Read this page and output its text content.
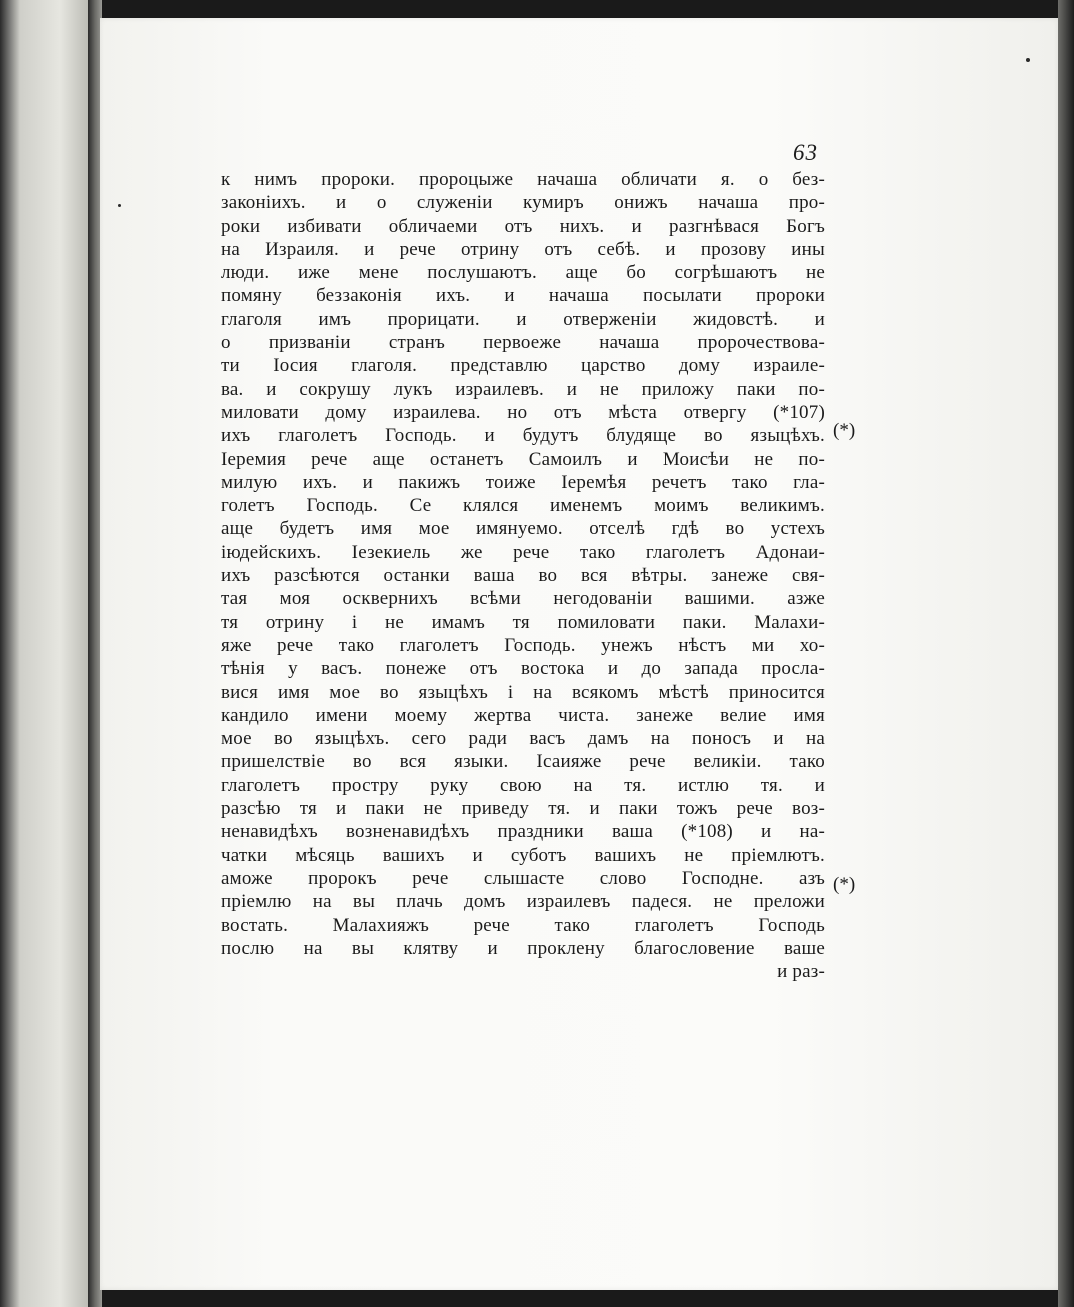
63
к нимъ пророки. пророцыже начаша обличати я. о без-
законіихъ. и о служеніи кумиръ онижъ начаша про-
роки избивати обличаеми отъ нихъ. и разгнѣвася Богъ
на Израиля. и рече отрину отъ себѣ. и прозову ины
люди. иже мене послушаютъ. аще бо согрѣшаютъ не
помяну беззаконія ихъ. и начаша посылати пророки
глаголя имъ прорицати. и отверженіи жидовстѣ. и
о призваніи странъ первоеже начаша пророчествова-
ти Іосия глаголя. представлю царство дому израиле-
ва. и сокрушу лукъ израилевъ. и не приложу паки по-
миловати дому израилева. но отъ мѣста отвергу (*107)
ихъ глаголетъ Господь. и будутъ блудяще во языцѣхъ.
Іеремия рече аще останетъ Самоилъ и Моисѣи не по-
милую ихъ. и пакижъ тоиже Іеремѣя речетъ тако гла-
голетъ Господь. Се клялся именемъ моимъ великимъ.
аще будетъ имя мое имянуемо. отселѣ гдѣ во устехъ
іюдейскихъ. Іезекиель же рече тако глаголетъ Адонаи-
ихъ разсѣются останки ваша во вся вѣтры. занеже свя-
тая моя осквернихъ всѣми негодованіи вашими. азже
тя отрину і не имамъ тя помиловати паки. Малахи-
яже рече тако глаголетъ Господь. унежъ нѣстъ ми хо-
тѣнія у васъ. понеже отъ востока и до запада просла-
вися имя мое во языцѣхъ і на всякомъ мѣстѣ приносится
кандило имени моему жертва чиста. занеже велие имя
мое во языцѣхъ. сего ради васъ дамъ на поносъ и на
пришелствіе во вся языки. Ісаияже рече великіи. тако
глаголетъ простру руку свою на тя. истлю тя. и
разсѣю тя и паки не приведу тя. и паки тожъ рече воз-
ненавидѣхъ возненавидѣхъ праздники ваша (*108) и на-
чатки мѣсяць вашихъ и суботъ вашихъ не пріемлютъ.
аможе пророкъ рече слышасте слово Господне. азъ
пріемлю на вы плачь домъ израилевъ падеся. не преложи
востать. Малахияжъ рече тако глаголетъ Господь
послю на вы клятву и проклену благословение ваше
и раз-
(*)
(*)
